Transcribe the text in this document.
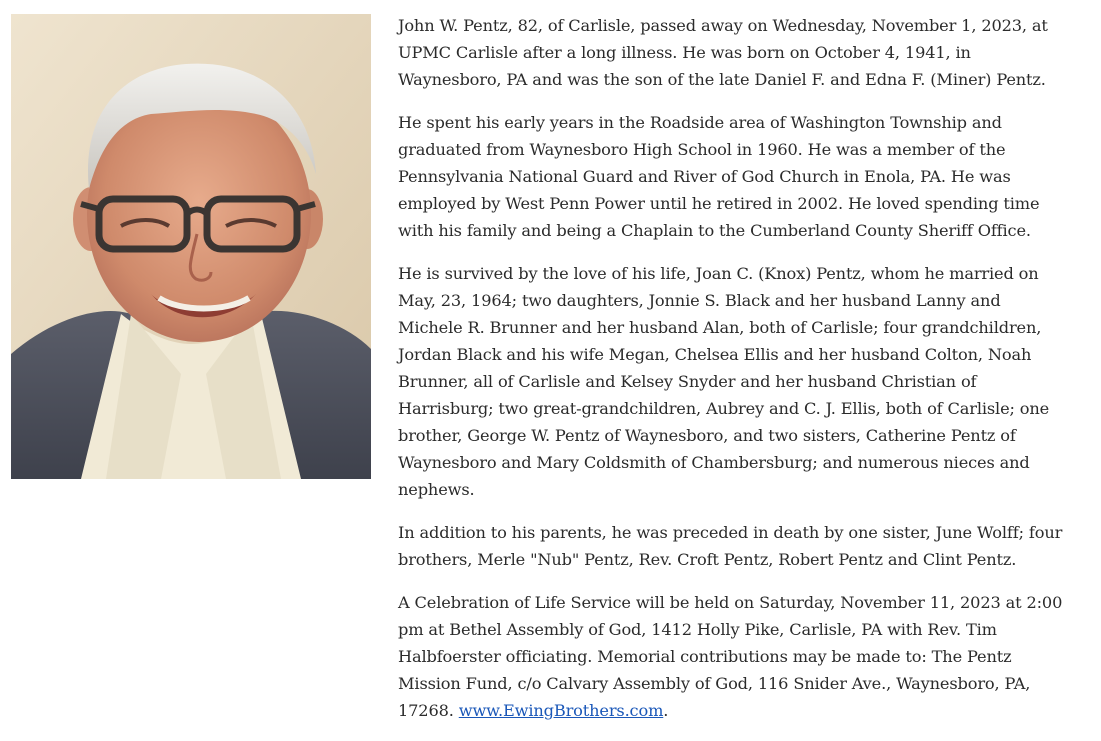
John W. Pentz, 82, of Carlisle, passed away on Wednesday, November 1, 2023, at UPMC Carlisle after a long illness. He was born on October 4, 1941, in Waynesboro, PA and was the son of the late Daniel F. and Edna F. (Miner) Pentz.

He spent his early years in the Roadside area of Washington Township and graduated from Waynesboro High School in 1960. He was a member of the Pennsylvania National Guard and River of God Church in Enola, PA. He was employed by West Penn Power until he retired in 2002. He loved spending time with his family and being a Chaplain to the Cumberland County Sheriff Office.

He is survived by the love of his life, Joan C. (Knox) Pentz, whom he married on May, 23, 1964; two daughters, Jonnie S. Black and her husband Lanny and Michele R. Brunner and her husband Alan, both of Carlisle; four grandchildren, Jordan Black and his wife Megan, Chelsea Ellis and her husband Colton, Noah Brunner, all of Carlisle and Kelsey Snyder and her husband Christian of Harrisburg; two great-grandchildren, Aubrey and C. J. Ellis, both of Carlisle; one brother, George W. Pentz of Waynesboro, and two sisters, Catherine Pentz of Waynesboro and Mary Coldsmith of Chambersburg; and numerous nieces and nephews.

In addition to his parents, he was preceded in death by one sister, June Wolff; four brothers, Merle "Nub" Pentz, Rev. Croft Pentz, Robert Pentz and Clint Pentz.

A Celebration of Life Service will be held on Saturday, November 11, 2023 at 2:00 pm at Bethel Assembly of God, 1412 Holly Pike, Carlisle, PA with Rev. Tim Halbfoerster officiating. Memorial contributions may be made to: The Pentz Mission Fund, c/o Calvary Assembly of God, 116 Snider Ave., Waynesboro, PA, 17268. www.EwingBrothers.com.
